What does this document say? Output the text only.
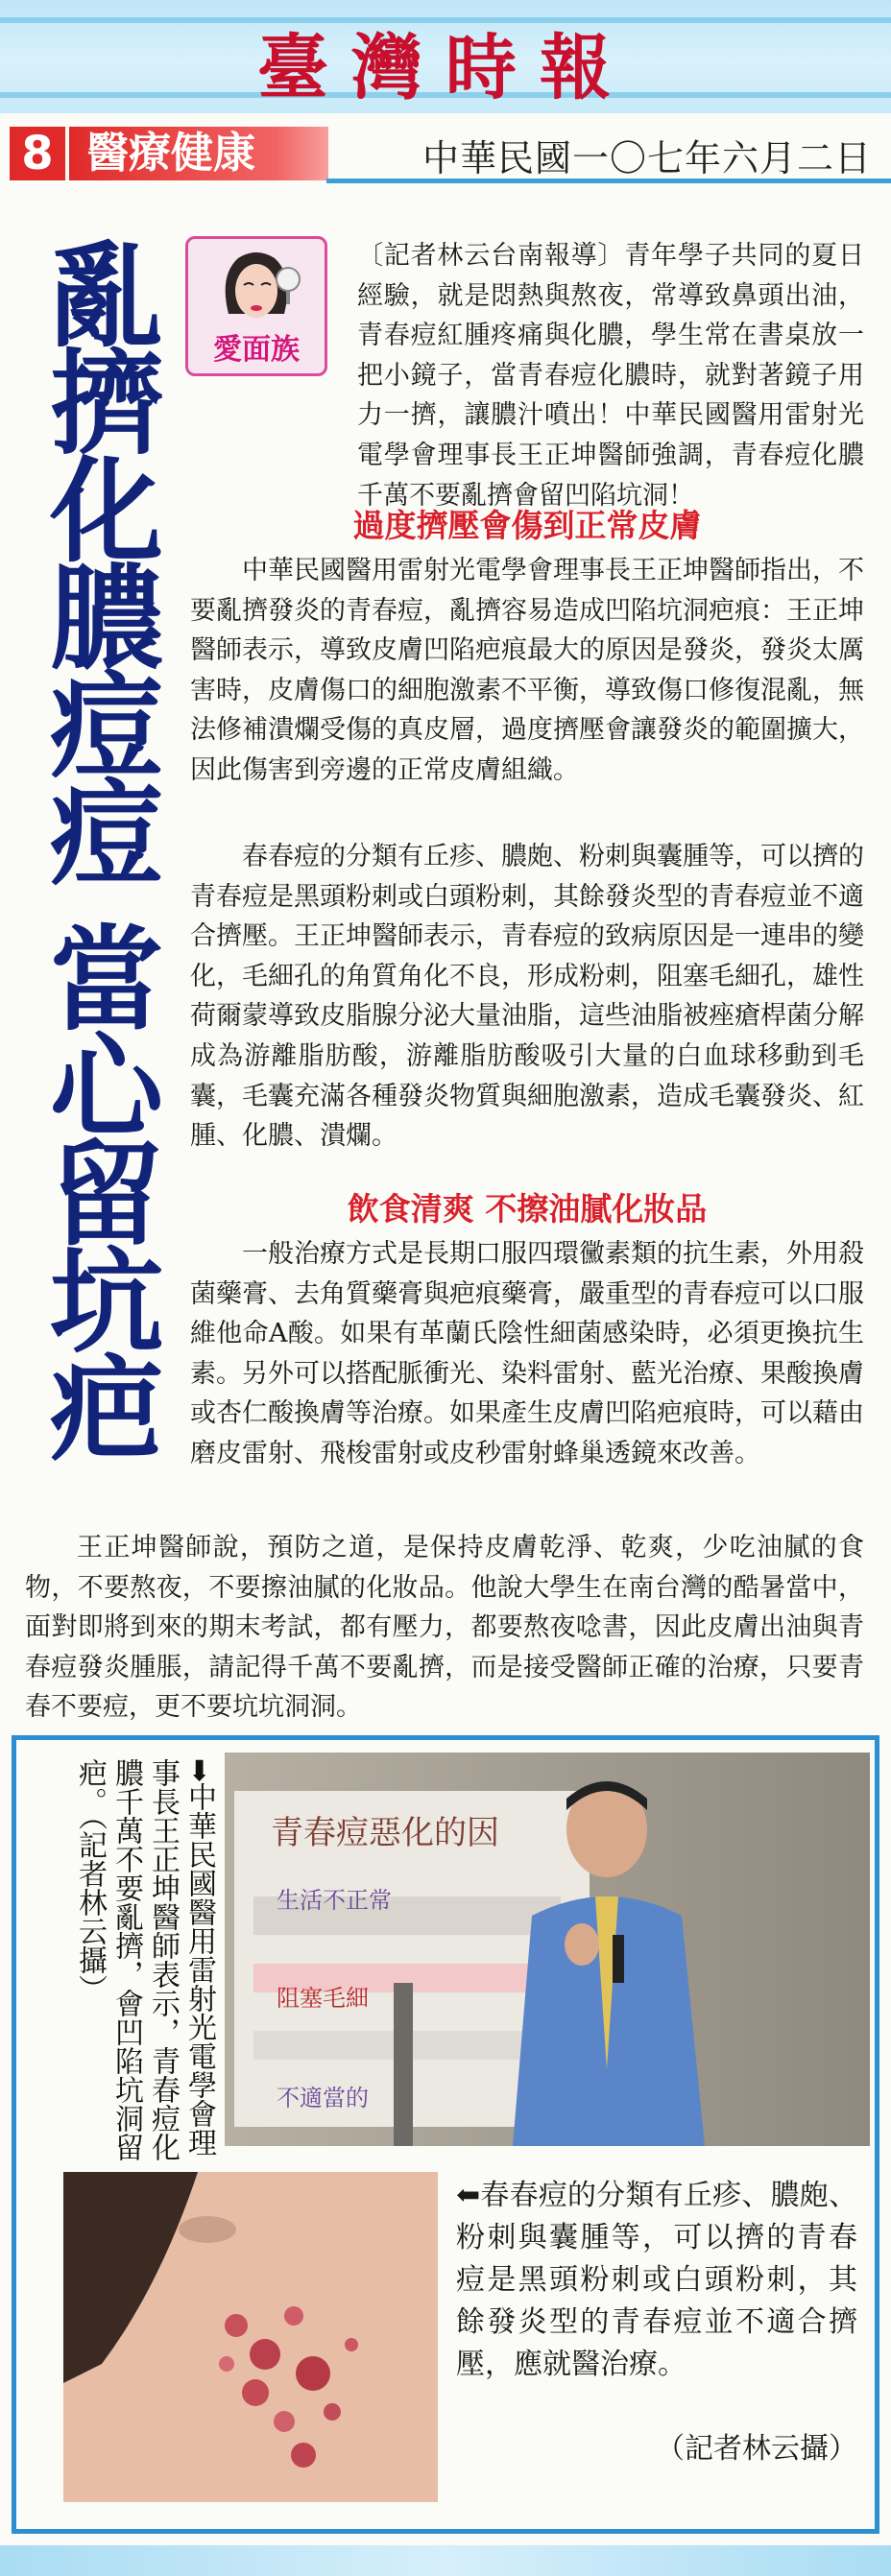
臺灣時報
8 醫療健康	中華民國一〇七年六月二日
亂擠化膿痘痘當心留坑疤
愛面族

〔記者林云台南報導〕青年學子共同的夏日經驗，就是悶熱與熬夜，常導致鼻頭出油，青春痘紅腫疼痛與化膿，學生常在書桌放一把小鏡子，當青春痘化膿時，就對著鏡子用力一擠，讓膿汁噴出！中華民國醫用雷射光電學會理事長王正坤醫師強調，青春痘化膿千萬不要亂擠會留凹陷坑洞！

過度擠壓會傷到正常皮膚

中華民國醫用雷射光電學會理事長王正坤醫師指出，不要亂擠發炎的青春痘，亂擠容易造成凹陷坑洞疤痕：王正坤醫師表示，導致皮膚凹陷疤痕最大的原因是發炎，發炎太厲害時，皮膚傷口的細胞激素不平衡，導致傷口修復混亂，無法修補潰爛受傷的真皮層，過度擠壓會讓發炎的範圍擴大，因此傷害到旁邊的正常皮膚組織。

春春痘的分類有丘疹、膿皰、粉刺與囊腫等，可以擠的青春痘是黑頭粉刺或白頭粉刺，其餘發炎型的青春痘並不適合擠壓。王正坤醫師表示，青春痘的致病原因是一連串的變化，毛細孔的角質角化不良，形成粉刺，阻塞毛細孔，雄性荷爾蒙導致皮脂腺分泌大量油脂，這些油脂被痤瘡桿菌分解成為游離脂肪酸，游離脂肪酸吸引大量的白血球移動到毛囊，毛囊充滿各種發炎物質與細胞激素，造成毛囊發炎、紅腫、化膿、潰爛。

飲食清爽 不擦油膩化妝品

一般治療方式是長期口服四環黴素類的抗生素，外用殺菌藥膏、去角質藥膏與疤痕藥膏，嚴重型的青春痘可以口服維他命A酸。如果有革蘭氏陰性細菌感染時，必須更換抗生素。另外可以搭配脈衝光、染料雷射、藍光治療、果酸換膚或杏仁酸換膚等治療。如果產生皮膚凹陷疤痕時，可以藉由磨皮雷射、飛梭雷射或皮秒雷射蜂巢透鏡來改善。

王正坤醫師說，預防之道，是保持皮膚乾淨、乾爽，少吃油膩的食物，不要熬夜，不要擦油膩的化妝品。他說大學生在南台灣的酷暑當中，面對即將到來的期末考試，都有壓力，都要熬夜唸書，因此皮膚出油與青春痘發炎腫脹，請記得千萬不要亂擠，而是接受醫師正確的治療，只要青春不要痘，更不要坑坑洞洞。

➡中華民國醫用雷射光電學會理事長王正坤醫師表示，青春痘化膿千萬不要亂擠，會凹陷坑洞留疤。（記者林云攝）	青春痘惡化的因
生活不正常
阻塞毛細
不適當的
⬅春春痘的分類有丘疹、膿皰、粉刺與囊腫等，可以擠的青春痘是黑頭粉刺或白頭粉刺，其餘發炎型的青春痘並不適合擠壓，應就醫治療。
（記者林云攝）
